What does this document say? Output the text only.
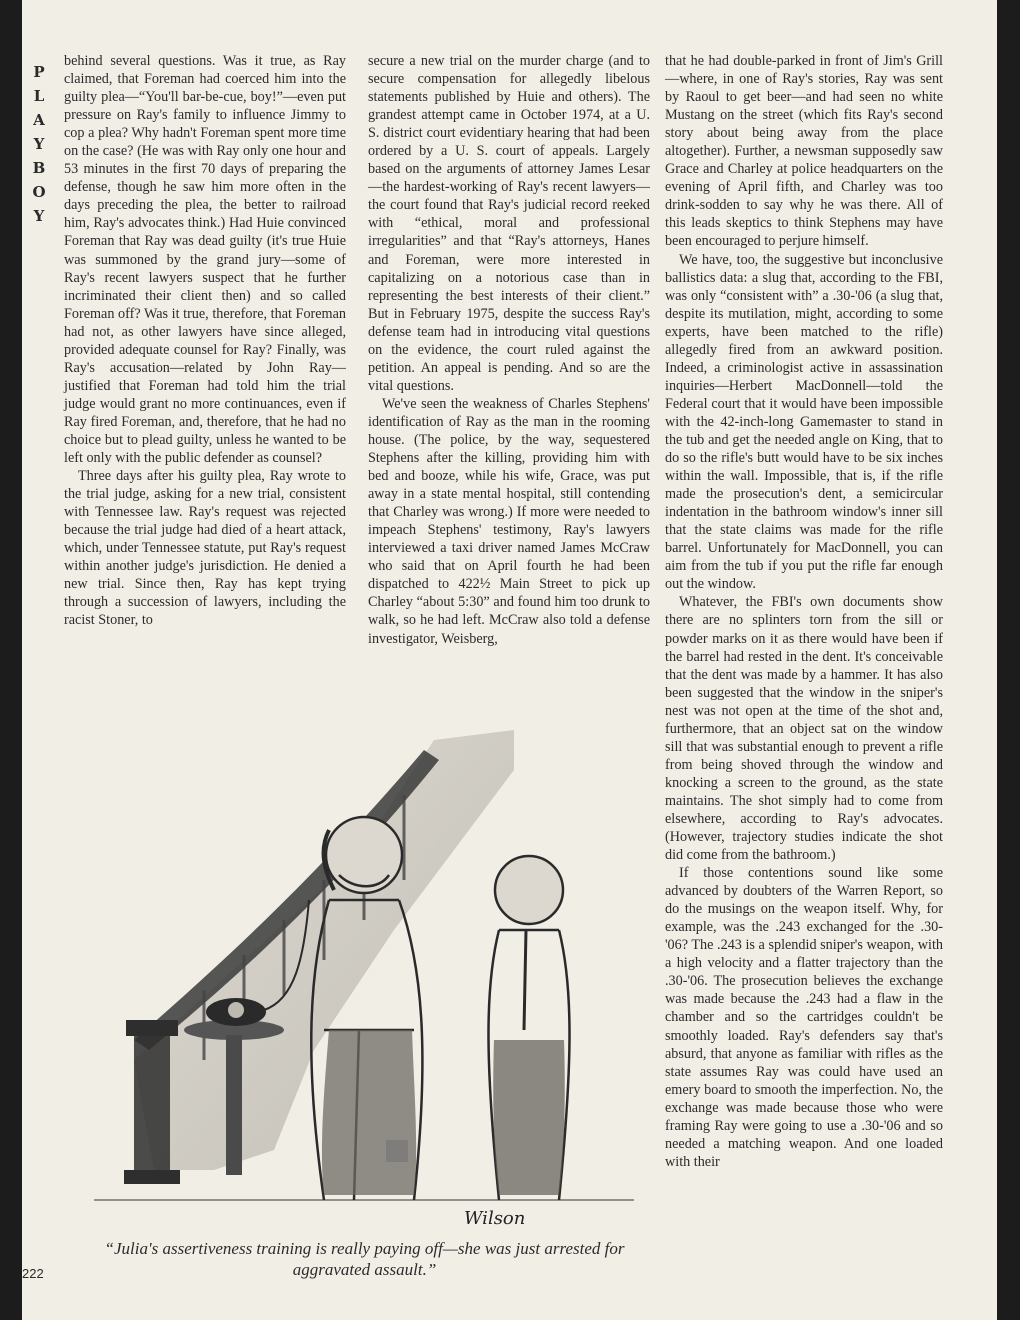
P
L
A
Y
B
O
Y

behind several questions. Was it true, as Ray claimed, that Foreman had coerced him into the guilty plea—“You'll bar-be-cue, boy!”—even put pressure on Ray's family to influence Jimmy to cop a plea? Why hadn't Foreman spent more time on the case? (He was with Ray only one hour and 53 minutes in the first 70 days of preparing the defense, though he saw him more often in the days preceding the plea, the better to railroad him, Ray's advocates think.) Had Huie convinced Foreman that Ray was dead guilty (it's true Huie was summoned by the grand jury—some of Ray's recent lawyers suspect that he further incriminated their client then) and so called Foreman off? Was it true, therefore, that Foreman had not, as other lawyers have since alleged, provided adequate counsel for Ray? Finally, was Ray's accusation—related by John Ray—justified that Foreman had told him the trial judge would grant no more continuances, even if Ray fired Foreman, and, therefore, that he had no choice but to plead guilty, unless he wanted to be left only with the public defender as counsel?

Three days after his guilty plea, Ray wrote to the trial judge, asking for a new trial, consistent with Tennessee law. Ray's request was rejected because the trial judge had died of a heart attack, which, under Tennessee statute, put Ray's request within another judge's jurisdiction. He denied a new trial. Since then, Ray has kept trying through a succession of lawyers, including the racist Stoner, to

secure a new trial on the murder charge (and to secure compensation for allegedly libelous statements published by Huie and others). The grandest attempt came in October 1974, at a U. S. district court evidentiary hearing that had been ordered by a U. S. court of appeals. Largely based on the arguments of attorney James Lesar—the hardest-working of Ray's recent lawyers—the court found that Ray's judicial record reeked with “ethical, moral and professional irregularities” and that “Ray's attorneys, Hanes and Foreman, were more interested in capitalizing on a notorious case than in representing the best interests of their client.” But in February 1975, despite the success Ray's defense team had in introducing vital questions on the evidence, the court ruled against the petition. An appeal is pending. And so are the vital questions.

We've seen the weakness of Charles Stephens' identification of Ray as the man in the rooming house. (The police, by the way, sequestered Stephens after the killing, providing him with bed and booze, while his wife, Grace, was put away in a state mental hospital, still contending that Charley was wrong.) If more were needed to impeach Stephens' testimony, Ray's lawyers interviewed a taxi driver named James McCraw who said that on April fourth he had been dispatched to 422½ Main Street to pick up Charley “about 5:30” and found him too drunk to walk, so he had left. McCraw also told a defense investigator, Weisberg,

that he had double-parked in front of Jim's Grill—where, in one of Ray's stories, Ray was sent by Raoul to get beer—and had seen no white Mustang on the street (which fits Ray's second story about being away from the place altogether). Further, a newsman supposedly saw Grace and Charley at police headquarters on the evening of April fifth, and Charley was too drink-sodden to say why he was there. All of this leads skeptics to think Stephens may have been encouraged to perjure himself.

We have, too, the suggestive but inconclusive ballistics data: a slug that, according to the FBI, was only “consistent with” a .30-'06 (a slug that, despite its mutilation, might, according to some experts, have been matched to the rifle) allegedly fired from an awkward position. Indeed, a criminologist active in assassination inquiries—Herbert MacDonnell—told the Federal court that it would have been impossible with the 42-inch-long Gamemaster to stand in the tub and get the needed angle on King, that to do so the rifle's butt would have to be six inches within the wall. Impossible, that is, if the rifle made the prosecution's dent, a semicircular indentation in the bathroom window's inner sill that the state claims was made for the rifle barrel. Unfortunately for MacDonnell, you can aim from the tub if you put the rifle far enough out the window.

Whatever, the FBI's own documents show there are no splinters torn from the sill or powder marks on it as there would have been if the barrel had rested in the dent. It's conceivable that the dent was made by a hammer. It has also been suggested that the window in the sniper's nest was not open at the time of the shot and, furthermore, that an object sat on the window sill that was substantial enough to prevent a rifle from being shoved through the window and knocking a screen to the ground, as the state maintains. The shot simply had to come from elsewhere, according to Ray's advocates. (However, trajectory studies indicate the shot did come from the bathroom.)

If those contentions sound like some advanced by doubters of the Warren Report, so do the musings on the weapon itself. Why, for example, was the .243 exchanged for the .30-'06? The .243 is a splendid sniper's weapon, with a high velocity and a flatter trajectory than the .30-'06. The prosecution believes the exchange was made because the .243 had a flaw in the chamber and so the cartridges couldn't be smoothly loaded. Ray's defenders say that's absurd, that anyone as familiar with rifles as the state assumes Ray was could have used an emery board to smooth the imperfection. No, the exchange was made because those who were framing Ray were going to use a .30-'06 and so needed a matching weapon. And one loaded with their

Wilson
“Julia's assertiveness training is really paying off—she was just arrested for aggravated assault.”
222
